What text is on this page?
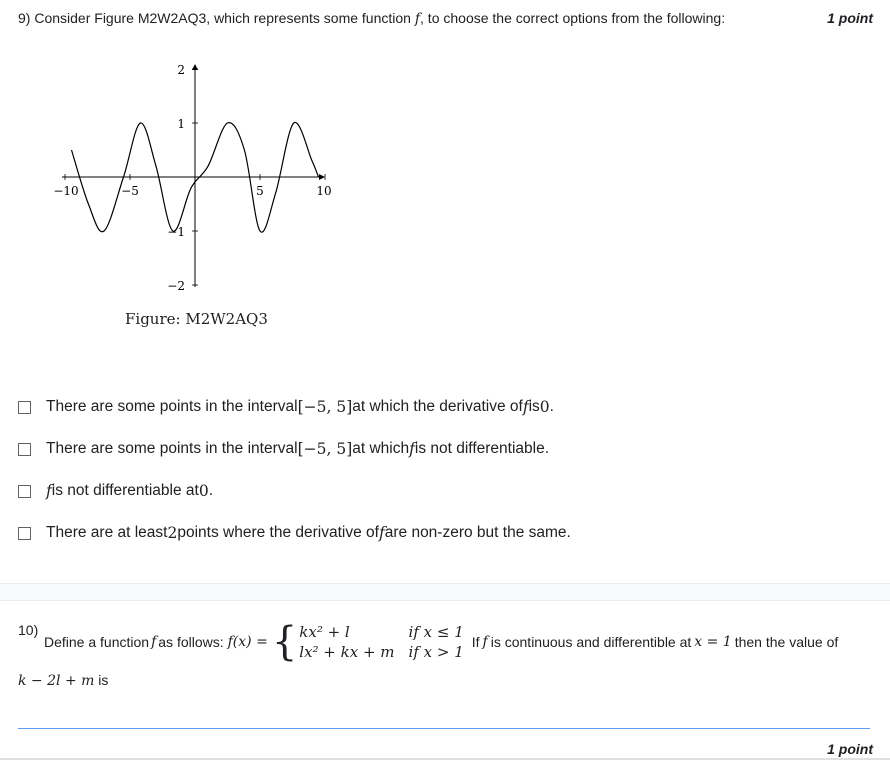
9) Consider Figure M2W2AQ3, which represents some function f, to choose the correct options from the following:	1 point
2
1
−1
−2
−10	−5	5	10
Figure: M2W2AQ3
There are some points in the interval [−5, 5] at which the derivative of f is 0 .
There are some points in the interval [−5, 5] at which f is not differentiable.
f is not differentiable at 0 .
There are at least 2 points where the derivative of f are non-zero but the same.
10)
Define a function f as follows: f(x) = { kx² + l	if x ≤ 1
lx² + kx + m if x > 1
If f is continuous and differentible at x = 1 then the value of
k − 2l + m is
1 point
